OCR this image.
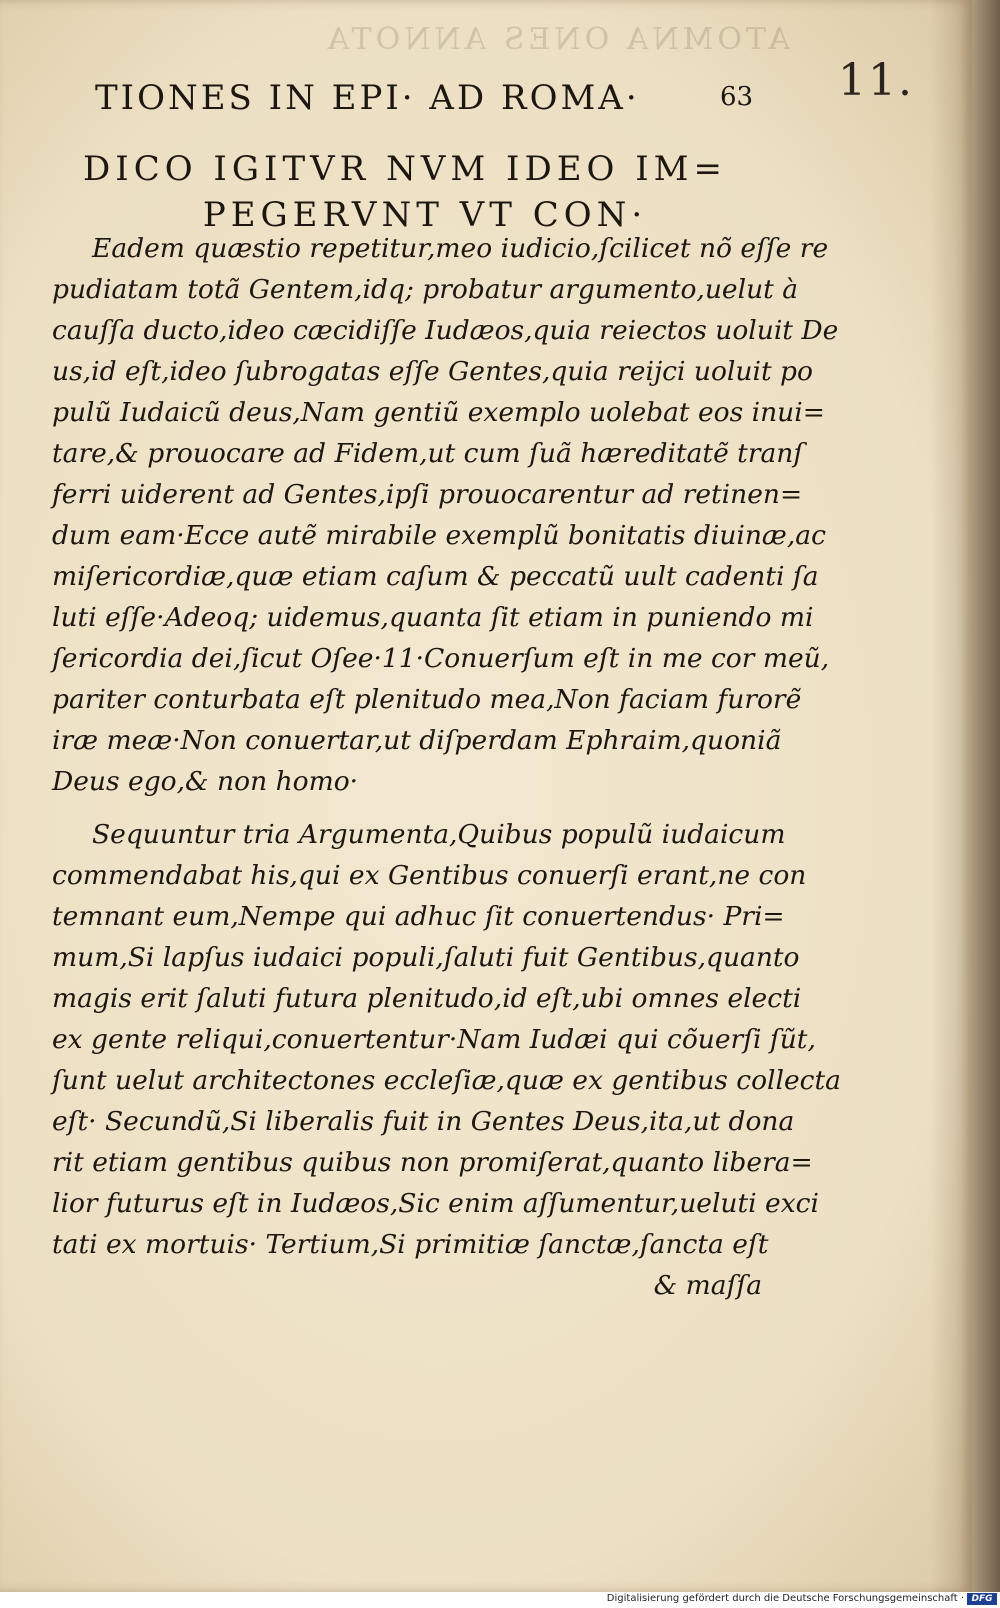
ATOMNA ONES ANNOTA
TIONES IN EPI· AD ROMA·	63 11.
DICO IGITVR NVM IDEO IM=
PEGERVNT VT CON·
Eadem quæstio repetitur,meo iudicio,ſcilicet nõ eſſe re
pudiatam totã Gentem,idq; probatur argumento,uelut à
cauſſa ducto,ideo cæcidiſſe Iudæos,quia reiectos uoluit De
us,id eſt,ideo ſubrogatas eſſe Gentes,quia reijci uoluit po
pulũ Iudaicũ deus,Nam gentiũ exemplo uolebat eos inui=
tare,& prouocare ad Fidem,ut cum ſuã hæreditatẽ tranſ
ferri uiderent ad Gentes,ipſi prouocarentur ad retinen=
dum eam·Ecce autẽ mirabile exemplũ bonitatis diuinæ,ac
miſericordiæ,quæ etiam caſum & peccatũ uult cadenti ſa
luti eſſe·Adeoq; uidemus,quanta ſit etiam in puniendo mi
ſericordia dei,ſicut Oſee·11·Conuerſum eſt in me cor meũ,
pariter conturbata eſt plenitudo mea,Non faciam furorẽ
iræ meæ·Non conuertar,ut diſperdam Ephraim,quoniã
Deus ego,& non homo·
Sequuntur tria Argumenta,Quibus populũ iudaicum
commendabat his,qui ex Gentibus conuerſi erant,ne con
temnant eum,Nempe qui adhuc ſit conuertendus· Pri=
mum,Si lapſus iudaici populi,ſaluti fuit Gentibus,quanto
magis erit ſaluti futura plenitudo,id eſt,ubi omnes electi
ex gente reliqui,conuertentur·Nam Iudæi qui cõuerſi ſũt,
ſunt uelut architectones eccleſiæ,quæ ex gentibus collecta
eſt· Secundũ,Si liberalis fuit in Gentes Deus,ita,ut dona
rit etiam gentibus quibus non promiſerat,quanto libera=
lior futurus eſt in Iudæos,Sic enim aſſumentur,ueluti exci
tati ex mortuis· Tertium,Si primitiæ ſanctæ,ſancta eſt
& maſſa
Digitalisierung gefördert durch die Deutsche Forschungsgemeinschaft · DFG
